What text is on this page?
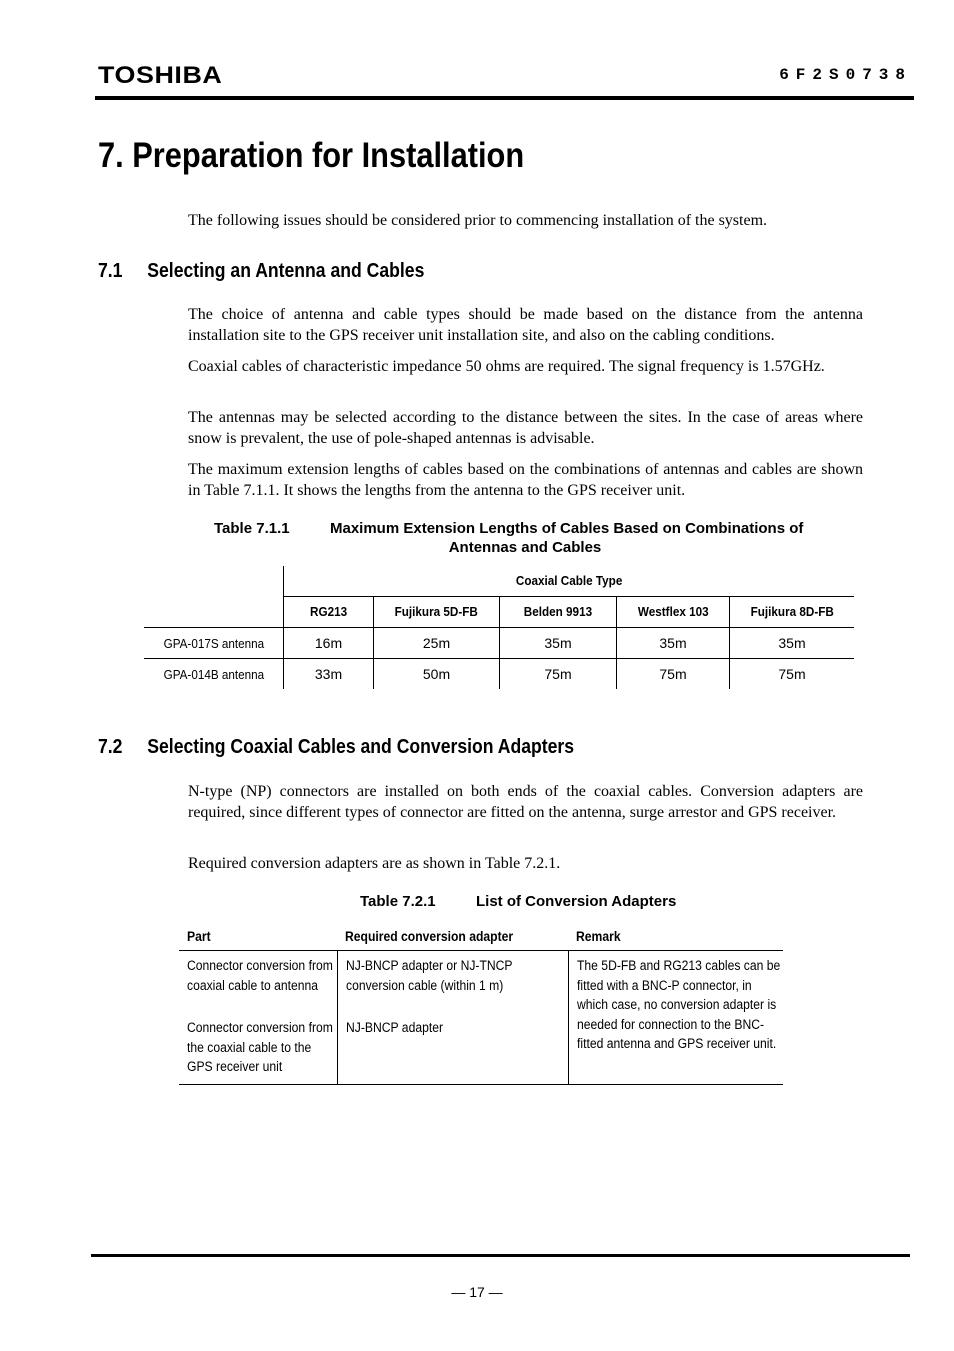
TOSHIBA	6F2S0738
7. Preparation for Installation
The following issues should be considered prior to commencing installation of the system.
7.1 Selecting an Antenna and Cables
The choice of antenna and cable types should be made based on the distance from the antenna installation site to the GPS receiver unit installation site, and also on the cabling conditions.
Coaxial cables of characteristic impedance 50 ohms are required. The signal frequency is 1.57GHz.
The antennas may be selected according to the distance between the sites. In the case of areas where snow is prevalent, the use of pole-shaped antennas is advisable.
The maximum extension lengths of cables based on the combinations of antennas and cables are shown in Table 7.1.1. It shows the lengths from the antenna to the GPS receiver unit.
Table 7.1.1	Maximum Extension Lengths of Cables Based on Combinations of
Antennas and Cables
	Coaxial Cable Type				
	RG213	Fujikura 5D-FB	Belden 9913	Westflex 103	Fujikura 8D-FB
GPA-017S antenna	16m	25m	35m	35m	35m
GPA-014B antenna	33m	50m	75m	75m	75m
7.2 Selecting Coaxial Cables and Conversion Adapters
N-type (NP) connectors are installed on both ends of the coaxial cables. Conversion adapters are required, since different types of connector are fitted on the antenna, surge arrestor and GPS receiver.
Required conversion adapters are as shown in Table 7.2.1.
Table 7.2.1	List of Conversion Adapters
Part	Required conversion adapter	Remark
Connector conversion from coaxial cable to antenna	NJ-BNCP adapter or NJ-TNCP conversion cable (within 1 m)	The 5D-FB and RG213 cables can be fitted with a BNC-P connector, in which case, no conversion adapter is needed for connection to the BNC-fitted antenna and GPS receiver unit.
Connector conversion from the coaxial cable to the GPS receiver unit	NJ-BNCP adapter	
— 17 —
